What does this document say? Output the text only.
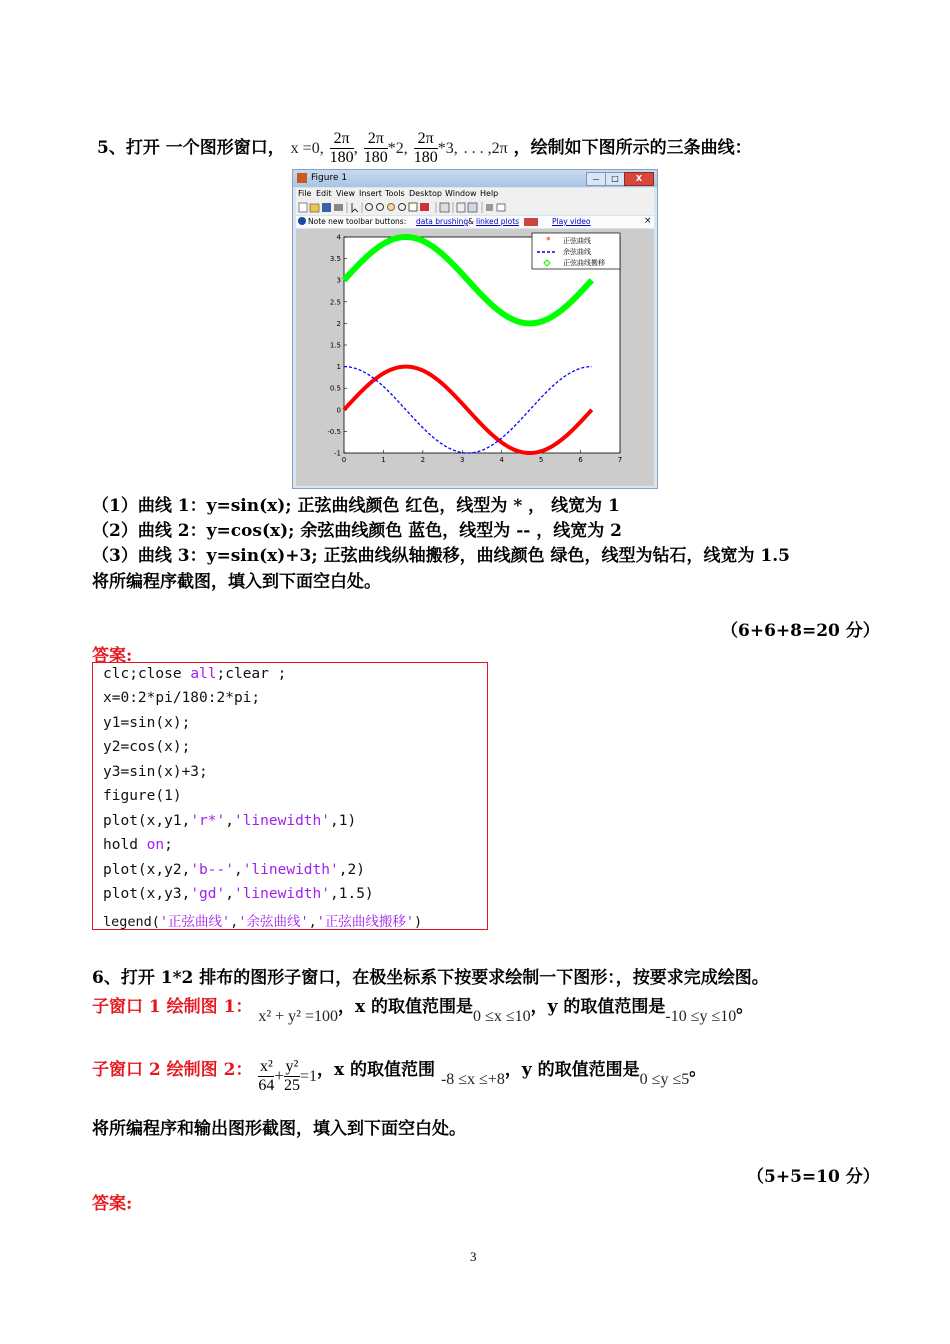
5、打开 一个图形窗口， x =0, $\frac{2\pi}{180}$ , $\frac{2\pi}{180} *2$, $\frac{2\pi}{180} *3$, . . . ,2π ，绘制如下图所示的三条曲线：
Figure 1	—	□	X
File Edit View Insert Tools Desktop Window Help
Note new toolbar buttons: data brushing & linked plots	Play video	×
-1
-0.5
0
0.5
1
1.5
2
2.5
3
3.5
4
0	1	2	3	4	5	6	7
* 正弦曲线
余弦曲线
正弦曲线搬移
（1）曲线 1：y=sin(x); 正弦曲线颜色 红色，线型为 * ， 线宽为 1
（2）曲线 2：y=cos(x); 余弦曲线颜色 蓝色，线型为 -- ，线宽为 2
（3）曲线 3：y=sin(x)+3; 正弦曲线纵轴搬移，曲线颜色 绿色，线型为钻石，线宽为 1.5
将所编程序截图，填入到下面空白处。
（6+6+8=20 分）
答案:
clc;close all;clear ;
x=0:2*pi/180:2*pi;
y1=sin(x);
y2=cos(x);
y3=sin(x)+3;
figure(1)
plot(x,y1,'r*','linewidth',1)
hold on;
plot(x,y2,'b--','linewidth',2)
plot(x,y3,'gd','linewidth',1.5)
legend('正弦曲线','余弦曲线','正弦曲线搬移')
6、打开 1*2 排布的图形子窗口，在极坐标系下按要求绘制一下图形：，按要求完成绘图。
子窗口 1 绘制图 1： x² + y² =100，x 的取值范围是0 ≤x ≤10，y 的取值范围是-10 ≤y ≤10。
子窗口 2 绘制图 2： $\frac{\text{x²}}{64} + \frac{\text{y²}}{25} =1$，x 的取值范围 -8 ≤x ≤+8，y 的取值范围是0 ≤y ≤5。
将所编程序和输出图形截图，填入到下面空白处。
（5+5=10 分）
答案:
3
